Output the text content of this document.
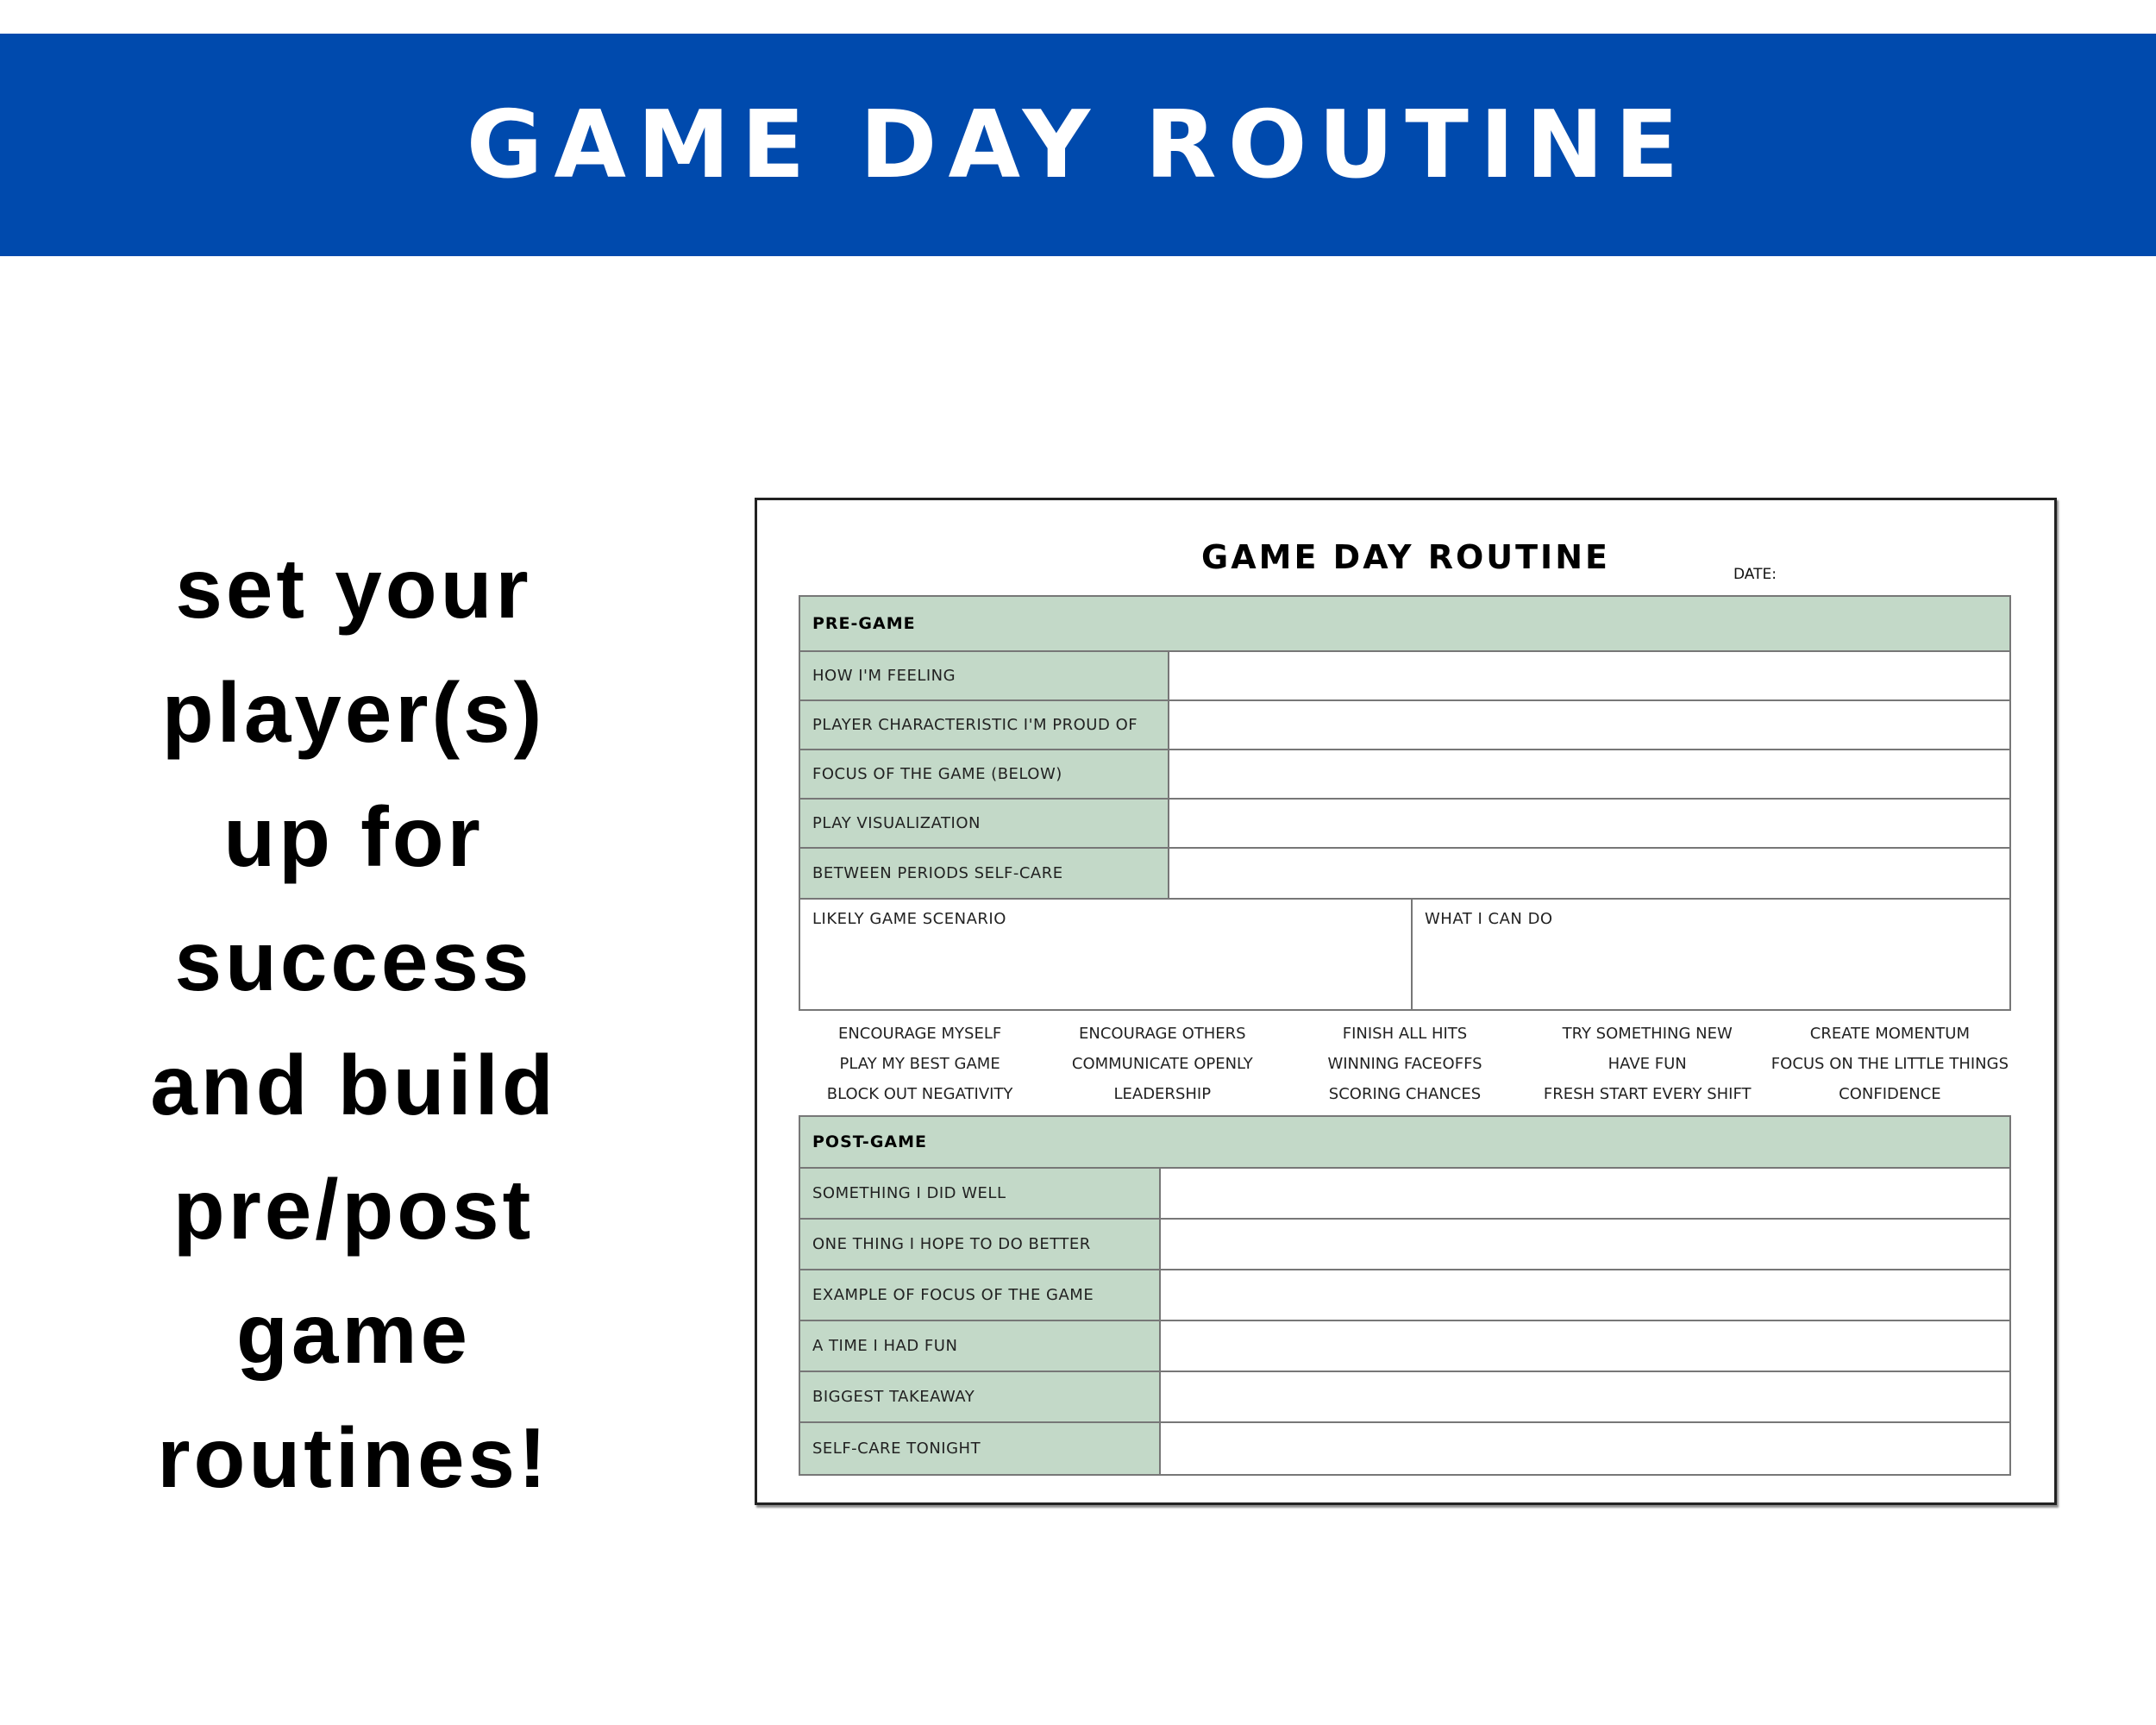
GAME DAY ROUTINE
set your
player(s)
up for
success
and build
pre/post
game
routines!
GAME DAY ROUTINE	DATE:
PRE-GAME
HOW I'M FEELING
PLAYER CHARACTERISTIC I'M PROUD OF
FOCUS OF THE GAME (BELOW)
PLAY VISUALIZATION
BETWEEN PERIODS SELF-CARE
LIKELY GAME SCENARIO	WHAT I CAN DO
ENCOURAGE MYSELF	ENCOURAGE OTHERS	FINISH ALL HITS	TRY SOMETHING NEW	CREATE MOMENTUM
PLAY MY BEST GAME	COMMUNICATE OPENLY	WINNING FACEOFFS	HAVE FUN	FOCUS ON THE LITTLE THINGS
BLOCK OUT NEGATIVITY	LEADERSHIP	SCORING CHANCES	FRESH START EVERY SHIFT	CONFIDENCE
POST-GAME
SOMETHING I DID WELL
ONE THING I HOPE TO DO BETTER
EXAMPLE OF FOCUS OF THE GAME
A TIME I HAD FUN
BIGGEST TAKEAWAY
SELF-CARE TONIGHT
